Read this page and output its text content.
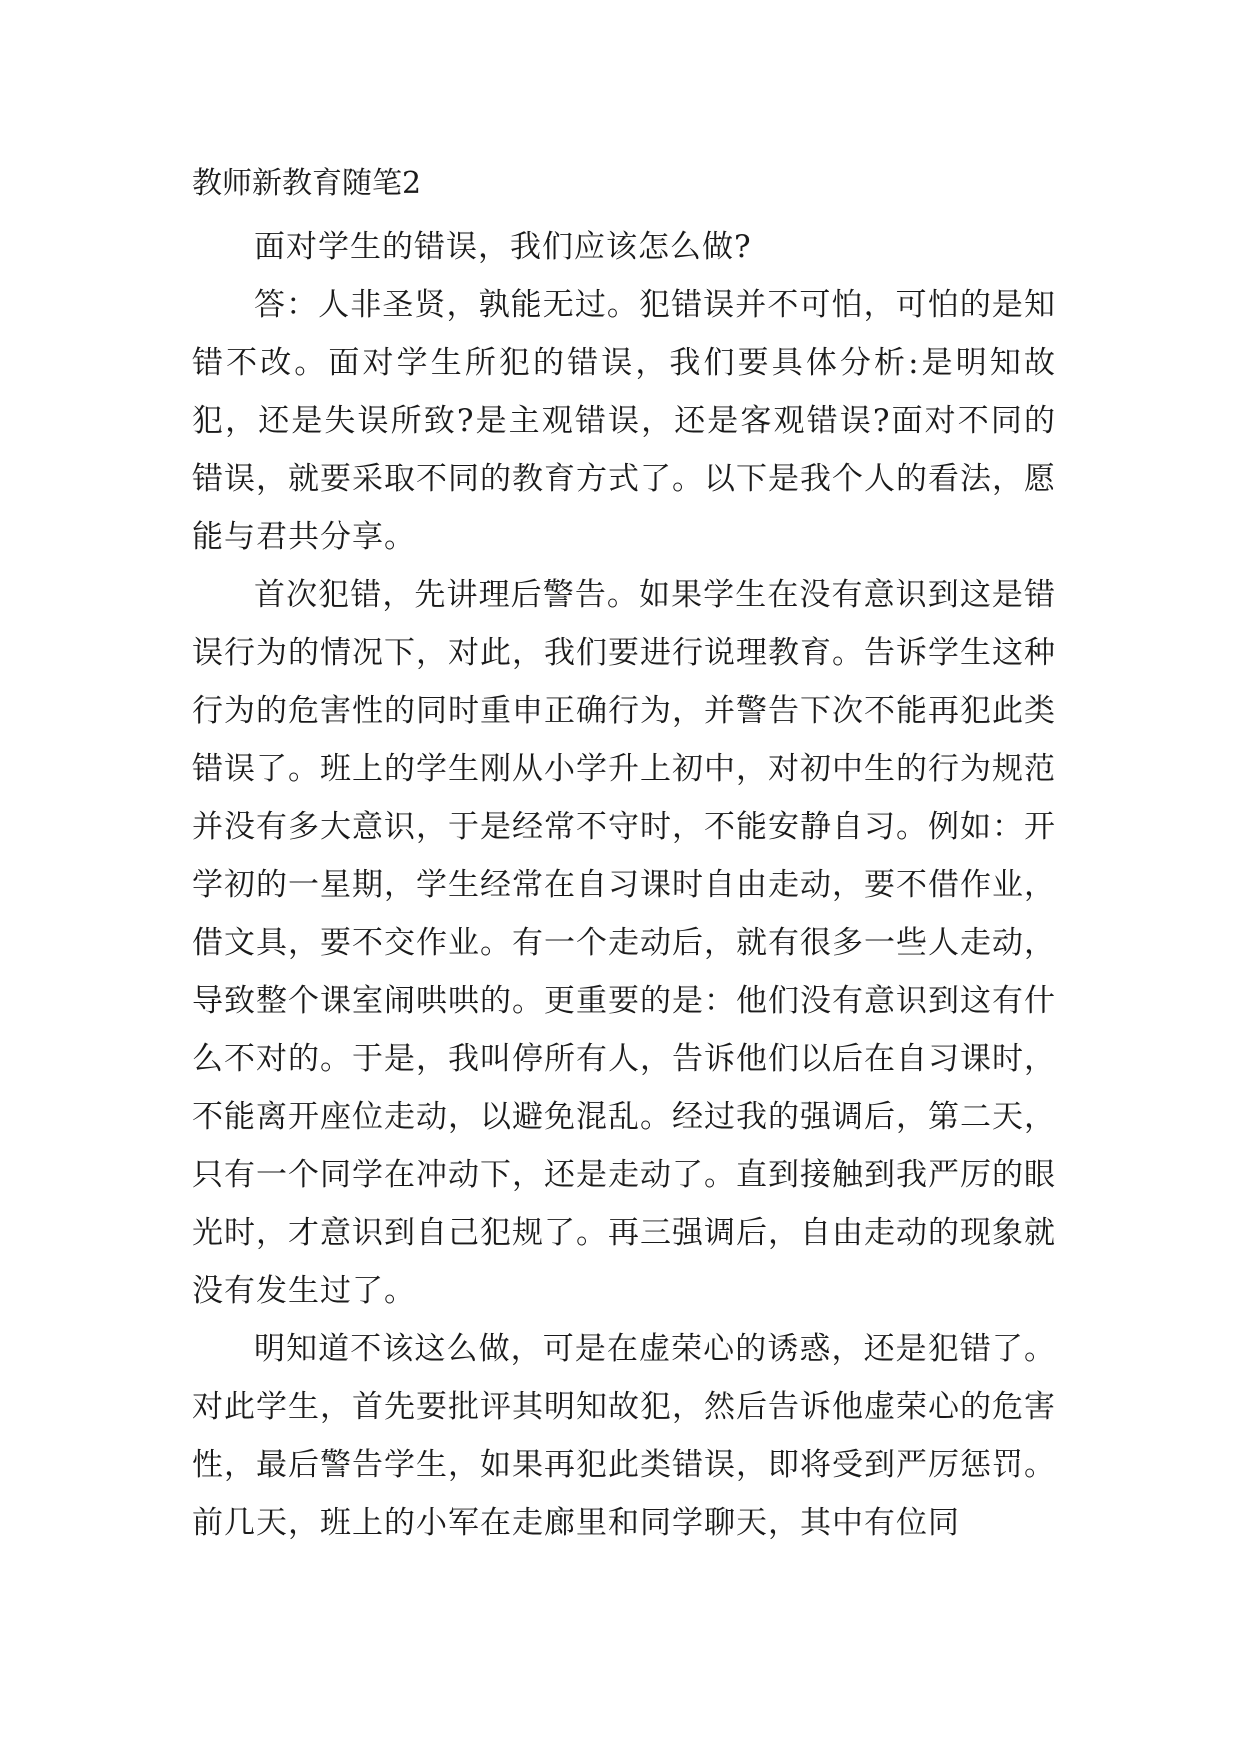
教师新教育随笔2

面对学生的错误，我们应该怎么做?

答：人非圣贤，孰能无过。犯错误并不可怕，可怕的是知错不改。面对学生所犯的错误，我们要具体分析:是明知故犯，还是失误所致?是主观错误，还是客观错误?面对不同的错误，就要采取不同的教育方式了。以下是我个人的看法，愿能与君共分享。

首次犯错，先讲理后警告。如果学生在没有意识到这是错误行为的情况下，对此，我们要进行说理教育。告诉学生这种行为的危害性的同时重申正确行为，并警告下次不能再犯此类错误了。班上的学生刚从小学升上初中，对初中生的行为规范并没有多大意识，于是经常不守时，不能安静自习。例如：开学初的一星期，学生经常在自习课时自由走动，要不借作业，借文具，要不交作业。有一个走动后，就有很多一些人走动，导致整个课室闹哄哄的。更重要的是：他们没有意识到这有什么不对的。于是，我叫停所有人，告诉他们以后在自习课时，不能离开座位走动，以避免混乱。经过我的强调后，第二天，只有一个同学在冲动下，还是走动了。直到接触到我严厉的眼光时，才意识到自己犯规了。再三强调后，自由走动的现象就没有发生过了。

明知道不该这么做，可是在虚荣心的诱惑，还是犯错了。对此学生，首先要批评其明知故犯，然后告诉他虚荣心的危害性，最后警告学生，如果再犯此类错误，即将受到严厉惩罚。前几天，班上的小军在走廊里和同学聊天，其中有位同
